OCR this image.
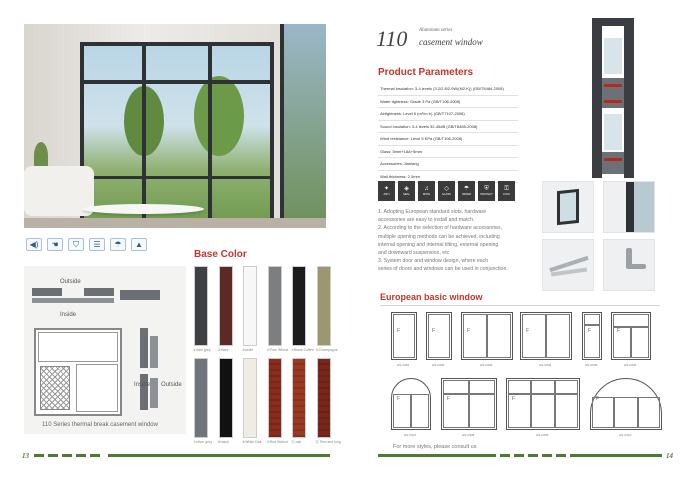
◀)	☚	⛉	☰	☂	▲
Outside
Inside
Inside Outside
110 Series thermal break casement window
Base Color
①dark grey ②Mars	③white	④Pure Wheat ⑤Black Coffee ⑥Champagne
⑦silver grey ⑧black	⑨White Oak ⑩Red Walnut ⑪ oak	⑫ Red and long
13
110 Aluminum series
casement window
Product Parameters
Thermal insulation: 3-4 levels (3.2/2.8/2.0W/(M2.K)) (GB/T8484-2008)
Water tightness: Grade 3 Pa (GB/T106-2008)
Airtightness: Level 6 (m³/m·h) (GB/T7107-2008)
Sound insulation: 3-4 levels 32-45dB (GB/T8485-2008)
Wind resistance: Level 5 KPa (GB/T106-2008)
Glass: 5mm+18A+5mm
Accessories: Jianlang
Wall thickness: 2.0mm
✦
ANTI
◈
SEAL
♫
MUTE
◇
GLASS
☂
WATER
⛨
PROTECT
⚿
LOCK
1. Adopting European standard slots, hardware
accessories are easy to install and match.
2. According to the selection of hardware accessories,
multiple opening methods can be achieved, including
internal opening and internal tilting, external opening
and downward suspension, etc
3. System door and window design, where each
series of doors and windows can be used in conjunction.
European basic window
F
HS-C001
F
HS-C002
F
HS-C003
F
HS-C004
F
HS-C005
F
HS-C006
F
HS-C007
F
HS-C008
F
HS-C009
F
HS-C010
For more styles, please consult us
14
